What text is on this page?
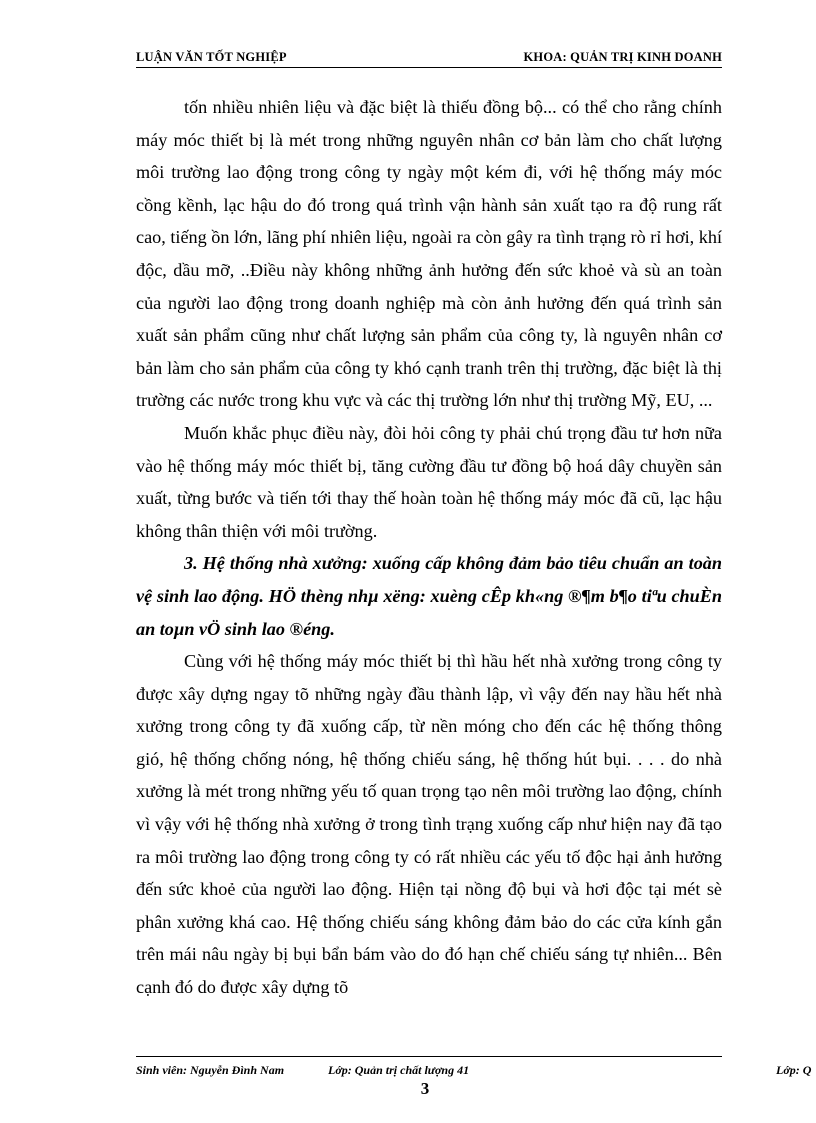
LUẬN VĂN TỐT NGHIỆP	KHOA: QUẢN TRỊ KINH DOANH

tốn nhiều nhiên liệu và đặc biệt là thiếu đồng bộ... có thể cho rằng chính máy móc thiết bị là mét trong những nguyên nhân cơ bản làm cho chất lượng môi trường lao động trong công ty ngày một kém đi, với hệ thống máy móc cồng kềnh, lạc hậu do đó trong quá trình vận hành sản xuất tạo ra độ rung rất cao, tiếng ồn lớn, lãng phí nhiên liệu, ngoài ra còn gây ra tình trạng rò rỉ hơi, khí độc, dầu mỡ, ..Điều này không những ảnh hưởng đến sức khoẻ và sù an toàn của người lao động trong doanh nghiệp mà còn ảnh hưởng đến quá trình sản xuất sản phẩm cũng như chất lượng sản phẩm của công ty, là nguyên nhân cơ bản làm cho sản phẩm của công ty khó cạnh tranh trên thị trường, đặc biệt là thị trường các nước trong khu vực và các thị trường lớn như thị trường Mỹ, EU, ...

Muốn khắc phục điều này, đòi hỏi công ty phải chú trọng đầu tư hơn nữa vào hệ thống máy móc thiết bị, tăng cường đầu tư đồng bộ hoá dây chuyền sản xuất, từng bước và tiến tới thay thế hoàn toàn hệ thống máy móc đã cũ, lạc hậu không thân thiện với môi trường.

3. Hệ thống nhà xưởng: xuống cấp không đảm bảo tiêu chuẩn an toàn vệ sinh lao động. HÖ thèng nhµ xëng: xuèng cÊp kh«ng ®¶m b¶o tiªu chuÈn an toµn vÖ sinh lao ®éng.

Cùng với hệ thống máy móc thiết bị thì hầu hết nhà xưởng trong công ty được xây dựng ngay tõ những ngày đầu thành lập, vì vậy đến nay hầu hết nhà xưởng trong công ty đã xuống cấp, từ nền móng cho đến các hệ thống thông gió, hệ thống chống nóng, hệ thống chiếu sáng, hệ thống hút bụi. . . . do nhà xưởng là mét trong những yếu tố quan trọng tạo nên môi trường lao động, chính vì vậy với hệ thống nhà xưởng ở trong tình trạng xuống cấp như hiện nay đã tạo ra môi trường lao động trong công ty có rất nhiều các yếu tố độc hại ảnh hưởng đến sức khoẻ của người lao động. Hiện tại nồng độ bụi và hơi độc tại mét sè phân xưởng khá cao. Hệ thống chiếu sáng không đảm bảo do các cửa kính gắn trên mái nâu ngày bị bụi bẩn bám vào do đó hạn chế chiếu sáng tự nhiên... Bên cạnh đó do được xây dựng tõ

Sinh viên: Nguyễn Đình Nam	Lớp: Quản trị chất lượng 41	Lớp: Q
3
